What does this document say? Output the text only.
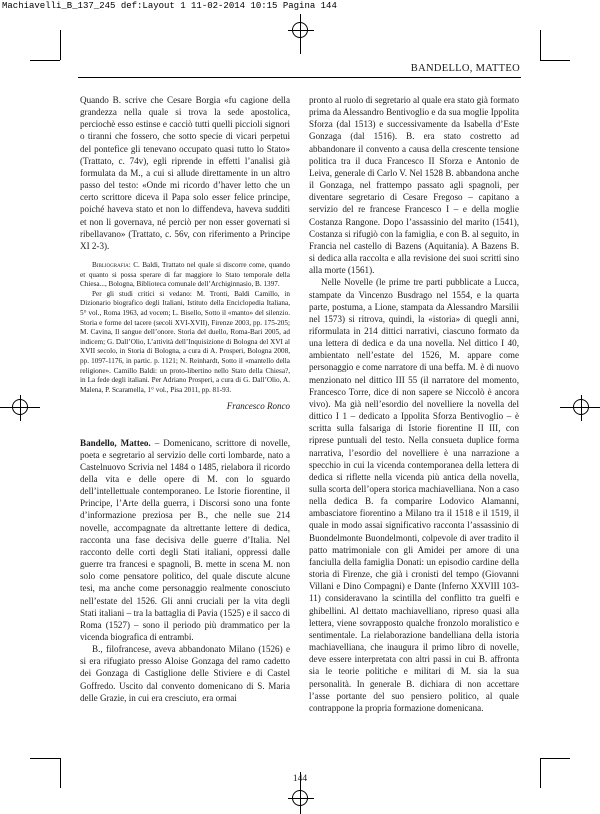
Machiavelli_B_137_245 def:Layout 1 11-02-2014 10:15 Pagina 144
BANDELLO, MATTEO

Quando B. scrive che Cesare Borgia «fu cagione della grandezza nella quale si trova la sede apostolica, perciochè esso estinse e cacciò tutti quelli piccioli signori o tiranni che fossero, che sotto specie di vicari perpetui del pontefice gli tenevano occupato quasi tutto lo Stato» (Trattato, c. 74v), egli riprende in effetti l’analisi già formulata da M., a cui si allude direttamente in un altro passo del testo: «Onde mi ricordo d’haver letto che un certo scrittore diceva il Papa solo esser felice principe, poiché haveva stato et non lo diffendeva, haveva sudditi et non li governava, né perciò per non esser governati si ribellavano» (Trattato, c. 56v, con riferimento a Principe XI 2-3).

Bibliografia: C. Baldi, Trattato nel quale si discorre come, quando et quanto si possa sperare di far maggiore lo Stato temporale della Chiesa..., Bologna, Biblioteca comunale dell’Archiginnasio, B. 1397.

Per gli studi critici si vedano: M. Tronti, Baldi Camillo, in Dizionario biografico degli Italiani, Istituto della Enciclopedia Italiana, 5° vol., Roma 1963, ad vocem; L. Bisello, Sotto il «manto» del silenzio. Storia e forme del tacere (secoli XVI-XVII), Firenze 2003, pp. 175-205; M. Cavina, Il sangue dell’onore. Storia del duello, Roma-Bari 2005, ad indicem; G. Dall’Olio, L’attività dell’Inquisizione di Bologna del XVI al XVII secolo, in Storia di Bologna, a cura di A. Prosperi, Bologna 2008, pp. 1097-1176, in partic. p. 1121; N. Reinhardt, Sotto il «mantello della religione». Camillo Baldi: un proto-libertino nello Stato della Chiesa?, in La fede degli italiani. Per Adriano Prosperi, a cura di G. Dall’Olio, A. Malena, P. Scaramella, 1° vol., Pisa 2011, pp. 81-93.

Francesco Ronco

Bandello, Matteo. – Domenicano, scrittore di novelle, poeta e segretario al servizio delle corti lombarde, nato a Castelnuovo Scrivia nel 1484 o 1485, rielabora il ricordo della vita e delle opere di M. con lo sguardo dell’intellettuale contemporaneo. Le Istorie fiorentine, il Principe, l’Arte della guerra, i Discorsi sono una fonte d’informazione preziosa per B., che nelle sue 214 novelle, accompagnate da altrettante lettere di dedica, racconta una fase decisiva delle guerre d’Italia. Nel racconto delle corti degli Stati italiani, oppressi dalle guerre tra francesi e spagnoli, B. mette in scena M. non solo come pensatore politico, del quale discute alcune tesi, ma anche come personaggio realmente conosciuto nell’estate del 1526. Gli anni cruciali per la vita degli Stati italiani – tra la battaglia di Pavia (1525) e il sacco di Roma (1527) – sono il periodo più drammatico per la vicenda biografica di entrambi.

B., filofrancese, aveva abbandonato Milano (1526) e si era rifugiato presso Aloise Gonzaga del ramo cadetto dei Gonzaga di Castiglione delle Stiviere e di Castel Goffredo. Uscito dal convento domenicano di S. Maria delle Grazie, in cui era cresciuto, era ormai

pronto al ruolo di segretario al quale era stato già formato prima da Alessandro Bentivoglio e da sua moglie Ippolita Sforza (dal 1513) e successivamente da Isabella d’Este Gonzaga (dal 1516). B. era stato costretto ad abbandonare il convento a causa della crescente tensione politica tra il duca Francesco II Sforza e Antonio de Leiva, generale di Carlo V. Nel 1528 B. abbandona anche il Gonzaga, nel frattempo passato agli spagnoli, per diventare segretario di Cesare Fregoso – capitano a servizio del re francese Francesco I – e della moglie Costanza Rangone. Dopo l’assassinio del marito (1541), Costanza si rifugiò con la famiglia, e con B. al seguito, in Francia nel castello di Bazens (Aquitania). A Bazens B. si dedica alla raccolta e alla revisione dei suoi scritti sino alla morte (1561).

Nelle Novelle (le prime tre parti pubblicate a Lucca, stampate da Vincenzo Busdrago nel 1554, e la quarta parte, postuma, a Lione, stampata da Alessandro Marsilii nel 1573) si ritrova, quindi, la «istoria» di quegli anni, riformulata in 214 dittici narrativi, ciascuno formato da una lettera di dedica e da una novella. Nel dittico I 40, ambientato nell’estate del 1526, M. appare come personaggio e come narratore di una beffa. M. è di nuovo menzionato nel dittico III 55 (il narratore del momento, Francesco Torre, dice di non sapere se Niccolò è ancora vivo). Ma già nell’esordio del novelliere la novella del dittico I 1 – dedicato a Ippolita Sforza Bentivoglio – è scritta sulla falsariga di Istorie fiorentine II III, con riprese puntuali del testo. Nella consueta duplice forma narrativa, l’esordio del novelliere è una narrazione a specchio in cui la vicenda contemporanea della lettera di dedica si riflette nella vicenda più antica della novella, sulla scorta dell’opera storica machiavelliana. Non a caso nella dedica B. fa comparire Lodovico Alamanni, ambasciatore fiorentino a Milano tra il 1518 e il 1519, il quale in modo assai significativo racconta l’assassinio di Buondelmonte Buondelmonti, colpevole di aver tradito il patto matrimoniale con gli Amidei per amore di una fanciulla della famiglia Donati: un episodio cardine della storia di Firenze, che già i cronisti del tempo (Giovanni Villani e Dino Compagni) e Dante (Inferno XXVIII 103-11) consideravano la scintilla del conflitto tra guelfi e ghibellini. Al dettato machiavelliano, ripreso quasi alla lettera, viene sovrapposto qualche fronzolo moralistico e sentimentale. La rielaborazione bandelliana della istoria machiavelliana, che inaugura il primo libro di novelle, deve essere interpretata con altri passi in cui B. affronta sia le teorie politiche e militari di M. sia la sua personalità. In generale B. dichiara di non accettare l’asse portante del suo pensiero politico, al quale contrappone la propria formazione domenicana.

144
